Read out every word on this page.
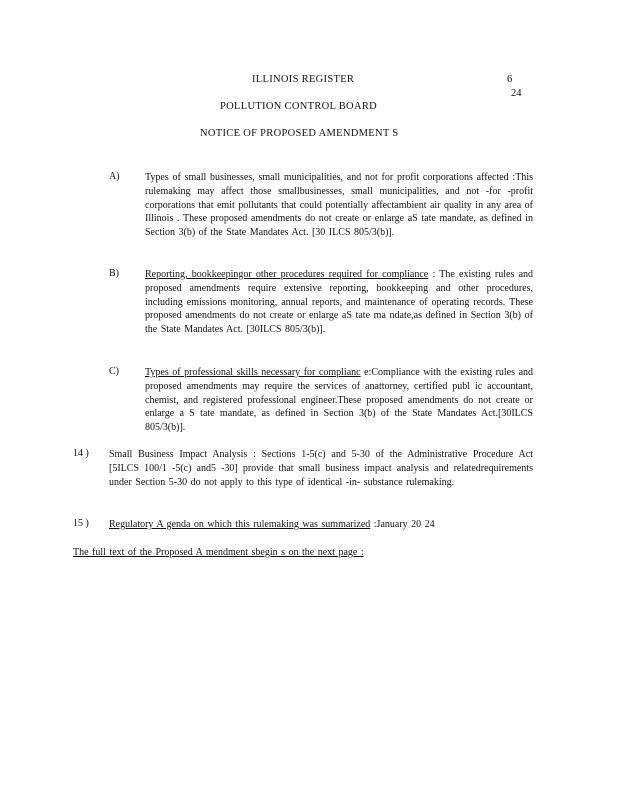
ILLINOIS REGISTER	6
24
POLLUTION CONTROL BOARD
NOTICE OF PROPOSED AMENDMENT S
A)	Types of small businesses, small municipalities, and not for profit corporations affected :This rulemaking may affect those smallbusinesses, small municipalities, and not -for -profit corporations that emit pollutants that could potentially affectambient air quality in any area of Illinois . These proposed amendments do not create or enlarge aS tate mandate, as defined in Section 3(b) of the State Mandates Act. [30 ILCS 805/3(b)].
B)	Reporting, bookkeepingor other procedures required for compliance : The existing rules and proposed amendments require extensive reporting, bookkeeping and other procedures, including emissions monitoring, annual reports, and maintenance of operating records. These proposed amendments do not create or enlarge aS tate ma ndate,as defined in Section 3(b) of the State Mandates Act. [30ILCS 805/3(b)].
C)	Types of professional skills necessary for complianc e:Compliance with the existing rules and proposed amendments may require the services of anattorney, certified publ ic accountant, chemist, and registered professional engineer.These proposed amendments do not create or enlarge a S tate mandate, as defined in Section 3(b) of the State Mandates Act.[30ILCS 805/3(b)].
14 ) Small Business Impact Analysis : Sections 1-5(c) and 5-30 of the Administrative Procedure Act [5ILCS 100/1 -5(c) and5 -30] provide that small business impact analysis and relatedrequirements under Section 5-30 do not apply to this type of identical -in- substance rulemaking.
15 ) Regulatory A genda on which this rulemaking was summarized :January 20 24
The full text of the Proposed A mendment sbegin s on the next page :
